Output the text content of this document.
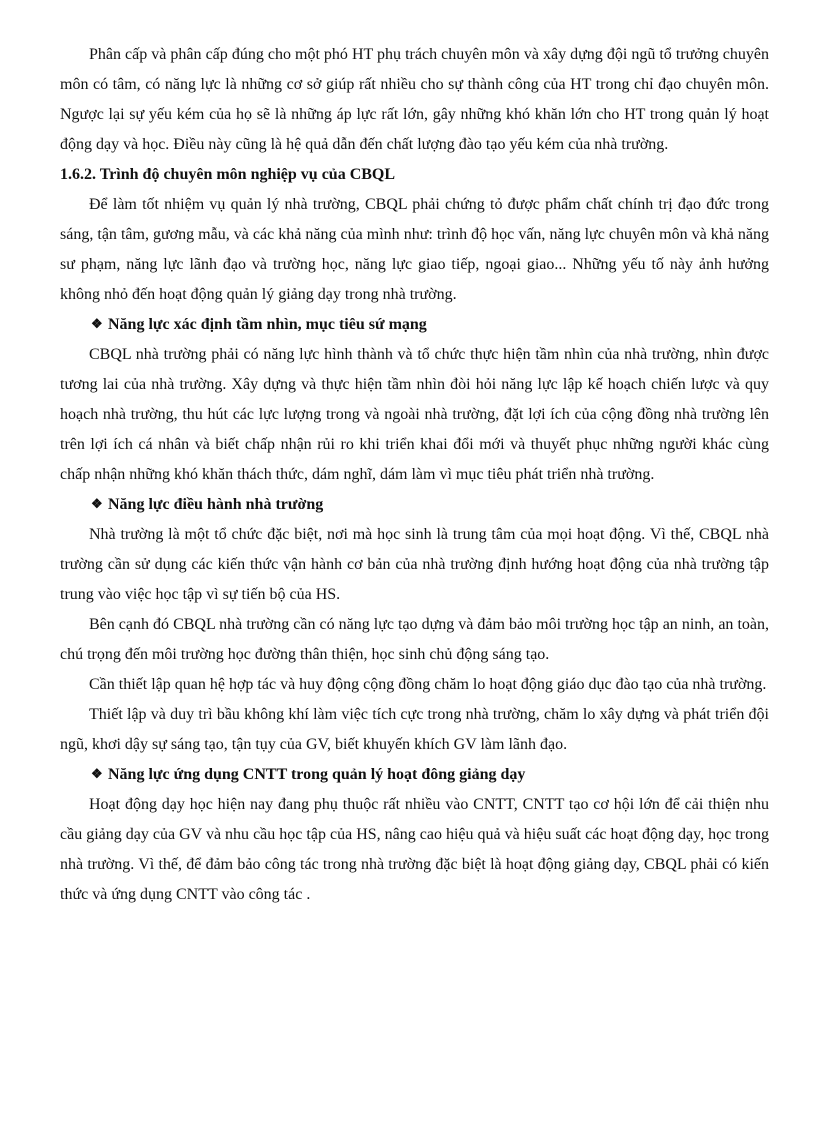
Phân cấp và phân cấp đúng cho một phó HT phụ trách chuyên môn và xây dựng đội ngũ tổ trưởng chuyên môn có tâm, có năng lực là những cơ sở giúp rất nhiều cho sự thành công của HT trong chỉ đạo chuyên môn. Ngược lại sự yếu kém của họ sẽ là những áp lực rất lớn, gây những khó khăn lớn cho HT trong quản lý hoạt động dạy và học. Điều này cũng là hệ quả dẫn đến chất lượng đào tạo yếu kém của nhà trường.

1.6.2. Trình độ chuyên môn nghiệp vụ của CBQL

Để làm tốt nhiệm vụ quản lý nhà trường, CBQL phải chứng tỏ được phẩm chất chính trị đạo đức trong sáng, tận tâm, gương mẫu, và các khả năng của mình như: trình độ học vấn, năng lực chuyên môn và khả năng sư phạm, năng lực lãnh đạo và trường học, năng lực giao tiếp, ngoại giao... Những yếu tố này ảnh hưởng không nhỏ đến hoạt động quản lý giảng dạy trong nhà trường.

❖ Năng lực xác định tầm nhìn, mục tiêu sứ mạng

CBQL nhà trường phải có năng lực hình thành và tổ chức thực hiện tầm nhìn của nhà trường, nhìn được tương lai của nhà trường. Xây dựng và thực hiện tầm nhìn đòi hỏi năng lực lập kế hoạch chiến lược và quy hoạch nhà trường, thu hút các lực lượng trong và ngoài nhà trường, đặt lợi ích của cộng đồng nhà trường lên trên lợi ích cá nhân và biết chấp nhận rủi ro khi triển khai đổi mới và thuyết phục những người khác cùng chấp nhận những khó khăn thách thức, dám nghĩ, dám làm vì mục tiêu phát triển nhà trường.

❖ Năng lực điều hành nhà trường

Nhà trường là một tổ chức đặc biệt, nơi mà học sinh là trung tâm của mọi hoạt động. Vì thế, CBQL nhà trường cần sử dụng các kiến thức vận hành cơ bản của nhà trường định hướng hoạt động của nhà trường tập trung vào việc học tập vì sự tiến bộ của HS.

Bên cạnh đó CBQL nhà trường cần có năng lực tạo dựng và đảm bảo môi trường học tập an ninh, an toàn, chú trọng đến môi trường học đường thân thiện, học sinh chủ động sáng tạo.

Cần thiết lập quan hệ hợp tác và huy động cộng đồng chăm lo hoạt động giáo dục đào tạo của nhà trường.

Thiết lập và duy trì bầu không khí làm việc tích cực trong nhà trường, chăm lo xây dựng và phát triển đội ngũ, khơi dậy sự sáng tạo, tận tụy của GV, biết khuyến khích GV làm lãnh đạo.

❖ Năng lực ứng dụng CNTT trong quản lý hoạt đông giảng dạy

Hoạt động dạy học hiện nay đang phụ thuộc rất nhiều vào CNTT, CNTT tạo cơ hội lớn để cải thiện nhu cầu giảng dạy của GV và nhu cầu học tập của HS, nâng cao hiệu quả và hiệu suất các hoạt động dạy, học trong nhà trường. Vì thế, để đảm bảo công tác trong nhà trường đặc biệt là hoạt động giảng dạy, CBQL phải có kiến thức và ứng dụng CNTT vào công tác .
